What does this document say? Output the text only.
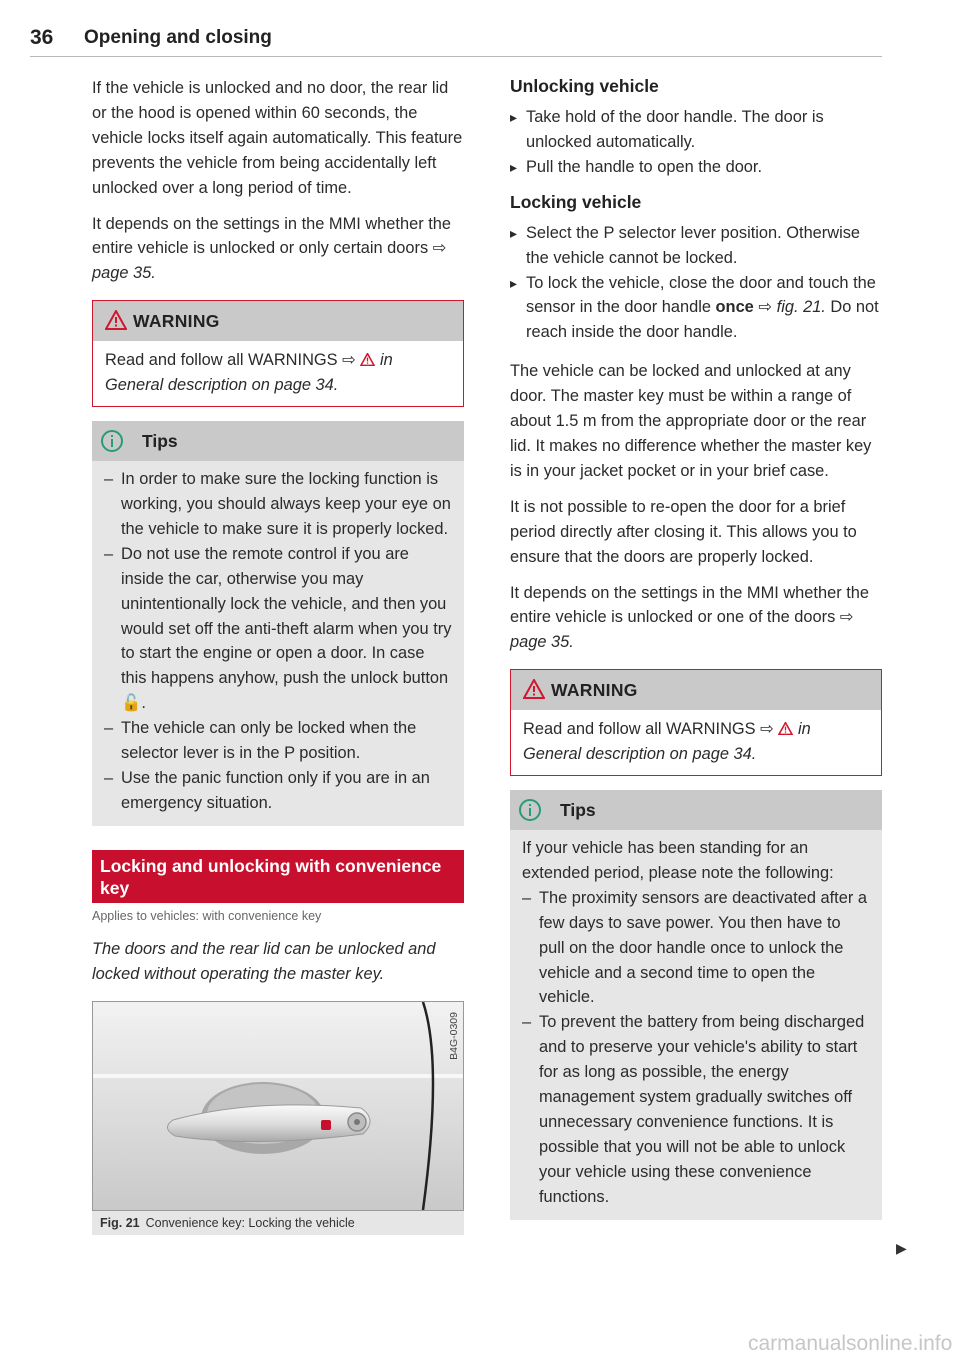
36 Opening and closing

If the vehicle is unlocked and no door, the rear lid or the hood is opened within 60 seconds, the vehicle locks itself again automatically. This feature prevents the vehicle from being accidentally left unlocked over a long period of time.

It depends on the settings in the MMI whether the entire vehicle is unlocked or only certain doors ⇨ page 35.

WARNING
Read and follow all WARNINGS ⇨  in General description on page 34.
Tips
– In order to make sure the locking function is working, you should always keep your eye on the vehicle to make sure it is properly locked.
– Do not use the remote control if you are inside the car, otherwise you may unintentionally lock the vehicle, and then you would set off the anti-theft alarm when you try to start the engine or open a door. In case this happens anyhow, push the unlock button 🔓.
– The vehicle can only be locked when the selector lever is in the P position.
– Use the panic function only if you are in an emergency situation.
Locking and unlocking with convenience key
Applies to vehicles: with convenience key
The doors and the rear lid can be unlocked and locked without operating the master key.
B4G-0309
Fig. 21 Convenience key: Locking the vehicle
Unlocking vehicle
▸ Take hold of the door handle. The door is unlocked automatically.
▸ Pull the handle to open the door.
Locking vehicle
▸ Select the P selector lever position. Otherwise the vehicle cannot be locked.
▸ To lock the vehicle, close the door and touch the sensor in the door handle once ⇨ fig. 21. Do not reach inside the door handle.

The vehicle can be locked and unlocked at any door. The master key must be within a range of about 1.5 m from the appropriate door or the rear lid. It makes no difference whether the master key is in your jacket pocket or in your brief case.

It is not possible to re-open the door for a brief period directly after closing it. This allows you to ensure that the doors are properly locked.

It depends on the settings in the MMI whether the entire vehicle is unlocked or one of the doors ⇨ page 35.

WARNING
Read and follow all WARNINGS ⇨  in General description on page 34.
Tips
If your vehicle has been standing for an extended period, please note the following:
– The proximity sensors are deactivated after a few days to save power. You then have to pull on the door handle once to unlock the vehicle and a second time to open the vehicle.
– To prevent the battery from being discharged and to preserve your vehicle's ability to start for as long as possible, the energy management system gradually switches off unnecessary convenience functions. It is possible that you will not be able to unlock your vehicle using these convenience functions.
▶
carmanualsonline.info
